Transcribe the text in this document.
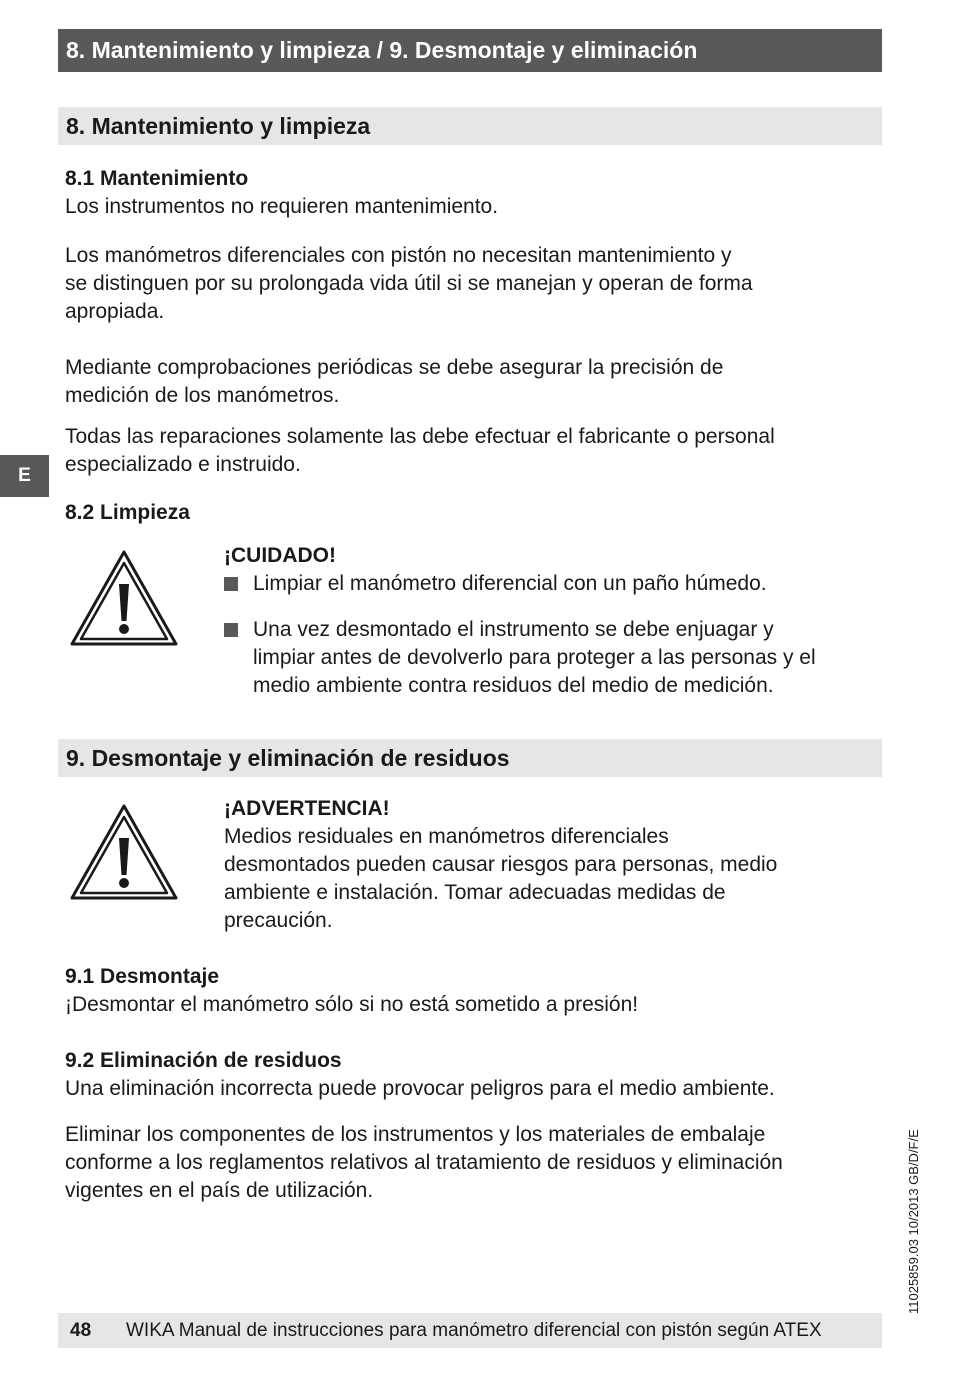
8. Mantenimiento y limpieza / 9. Desmontaje y eliminación
E
8. Mantenimiento y limpieza
8.1 Mantenimiento
Los instrumentos no requieren mantenimiento.

Los manómetros diferenciales con pistón no necesitan mantenimiento y

se distinguen por su prolongada vida útil si se manejan y operan de forma

apropiada.

Mediante comprobaciones periódicas se debe asegurar la precisión de

medición de los manómetros.

Todas las reparaciones solamente las debe efectuar el fabricante o personal

especializado e instruido.

8.2 Limpieza
¡CUIDADO!

Limpiar el manómetro diferencial con un paño húmedo.

Una vez desmontado el instrumento se debe enjuagar y

limpiar antes de devolverlo para proteger a las personas y el

medio ambiente contra residuos del medio de medición.

9. Desmontaje y eliminación de residuos
¡ADVERTENCIA!

Medios residuales en manómetros diferenciales

desmontados pueden causar riesgos para personas, medio

ambiente e instalación. Tomar adecuadas medidas de

precaución.

9.1 Desmontaje
¡Desmontar el manómetro sólo si no está sometido a presión!
9.2 Eliminación de residuos
Una eliminación incorrecta puede provocar peligros para el medio ambiente.

Eliminar los componentes de los instrumentos y los materiales de embalaje

conforme a los reglamentos relativos al tratamiento de residuos y eliminación

vigentes en el país de utilización.	11025859.03 10/2013 GB/D/F/E
48 WIKA Manual de instrucciones para manómetro diferencial con pistón según ATEX
